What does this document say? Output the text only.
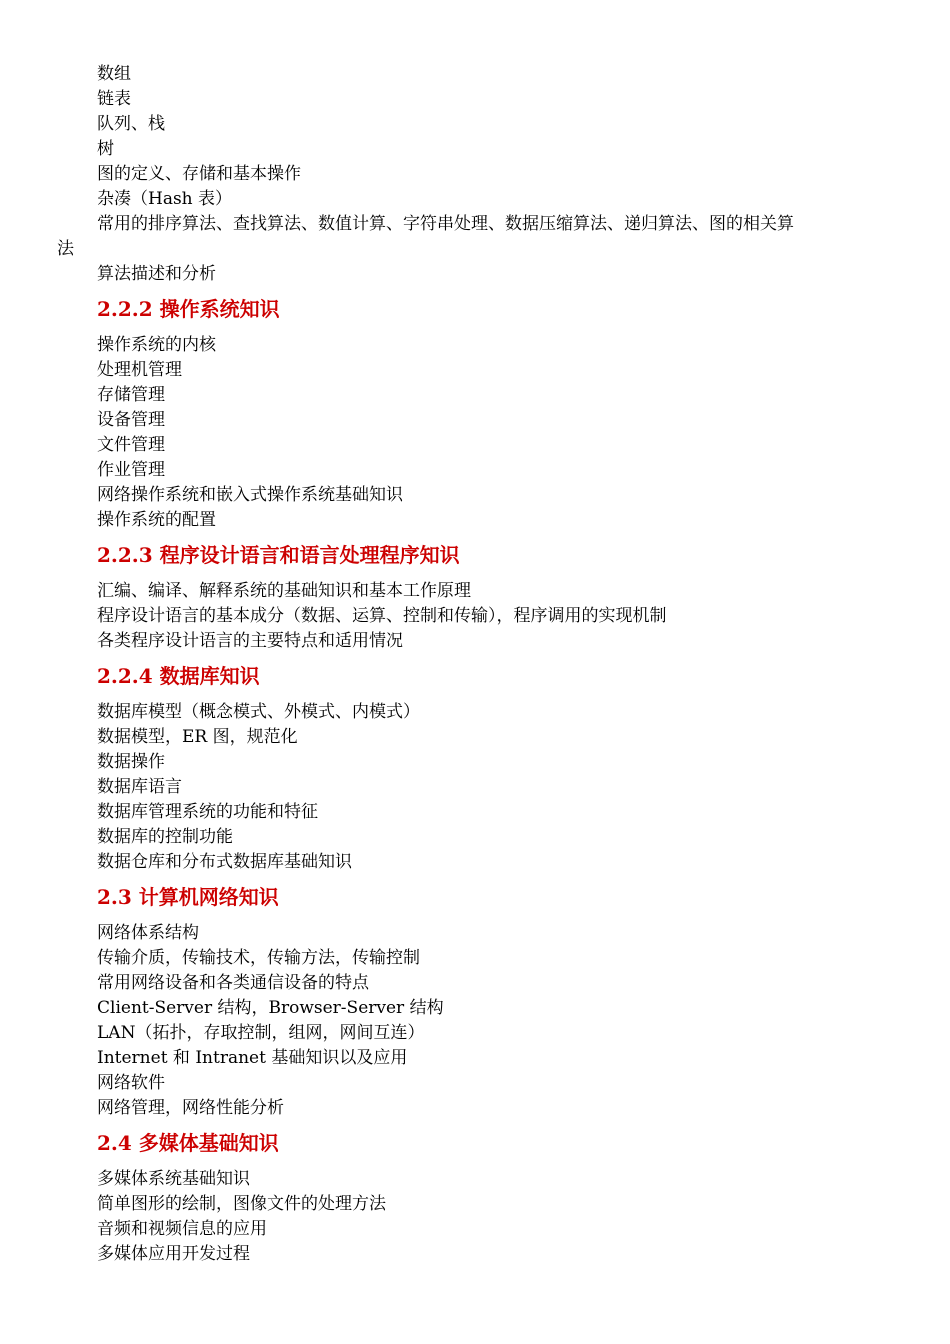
数组
链表
队列、栈
树
图的定义、存储和基本操作
杂凑（Hash 表）
常用的排序算法、查找算法、数值计算、字符串处理、数据压缩算法、递归算法、图的相关算
法
算法描述和分析
2.2.2 操作系统知识
操作系统的内核
处理机管理
存储管理
设备管理
文件管理
作业管理
网络操作系统和嵌入式操作系统基础知识
操作系统的配置
2.2.3 程序设计语言和语言处理程序知识
汇编、编译、解释系统的基础知识和基本工作原理
程序设计语言的基本成分（数据、运算、控制和传输），程序调用的实现机制
各类程序设计语言的主要特点和适用情况
2.2.4 数据库知识
数据库模型（概念模式、外模式、内模式）
数据模型，ER 图，规范化
数据操作
数据库语言
数据库管理系统的功能和特征
数据库的控制功能
数据仓库和分布式数据库基础知识
2.3 计算机网络知识
网络体系结构
传输介质，传输技术，传输方法，传输控制
常用网络设备和各类通信设备的特点
Client-Server 结构，Browser-Server 结构
LAN（拓扑，存取控制，组网，网间互连）
Internet 和 Intranet 基础知识以及应用
网络软件
网络管理，网络性能分析
2.4 多媒体基础知识
多媒体系统基础知识
简单图形的绘制，图像文件的处理方法
音频和视频信息的应用
多媒体应用开发过程
